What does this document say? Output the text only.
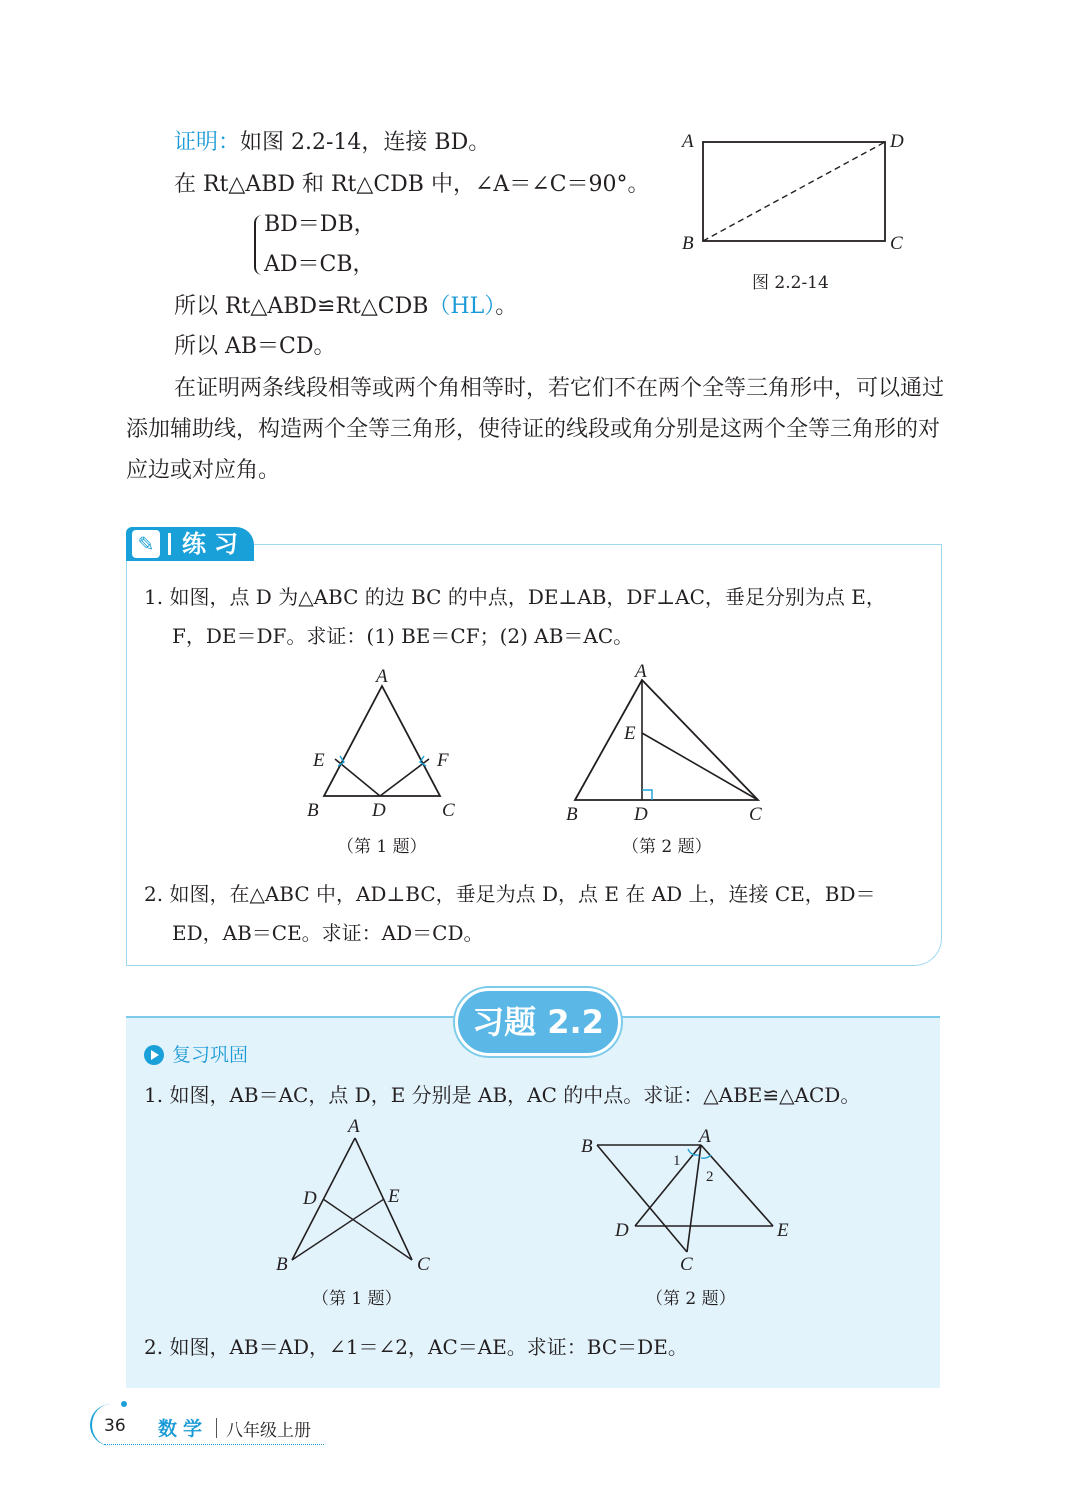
证明：如图 2.2-14，连接 BD。
在 Rt△ABD 和 Rt△CDB 中，∠A＝∠C＝90°。
BD＝DB，
AD＝CB，
所以 Rt△ABD≌Rt△CDB（HL）。
所以 AB＝CD。
A	D
B	C
图 2.2-14
在证明两条线段相等或两个角相等时，若它们不在两个全等三角形中，可以通过添加辅助线，构造两个全等三角形，使待证的线段或角分别是这两个全等三角形的对应边或对应角。
✎ 练习
1. 如图，点 D 为△ABC 的边 BC 的中点，DE⊥AB，DF⊥AC，垂足分别为点 E，
F，DE＝DF。求证：(1) BE＝CF；(2) AB＝AC。
A
E	F
B	D	C
（第 1 题）
A
E
B	D	C
（第 2 题）
2. 如图，在△ABC 中，AD⊥BC，垂足为点 D，点 E 在 AD 上，连接 CE，BD＝
ED，AB＝CE。求证：AD＝CD。
习题 2.2
复习巩固
1. 如图，AB＝AC，点 D，E 分别是 AB，AC 的中点。求证：△ABE≌△ACD。
A
D	E
B	C
（第 1 题）
B	A
1
2
D	E
C
（第 2 题）
2. 如图，AB＝AD，∠1＝∠2，AC＝AE。求证：BC＝DE。
36 数学 八年级上册
